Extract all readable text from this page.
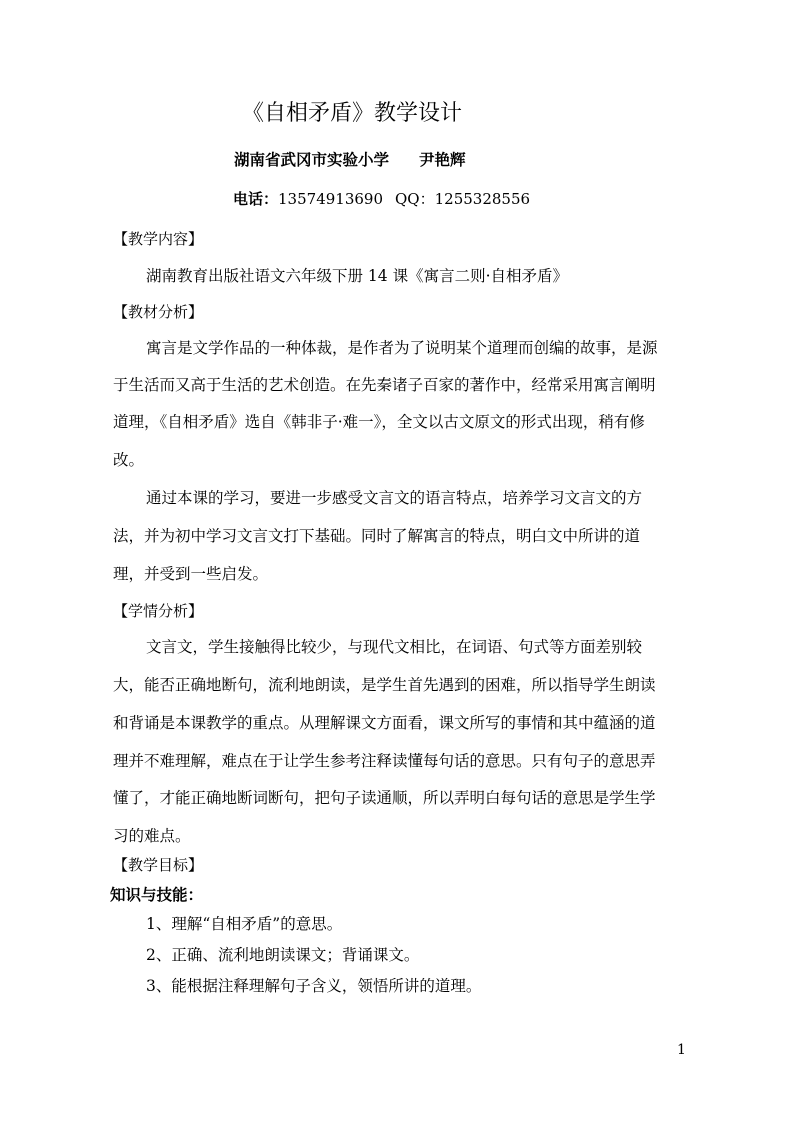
《自相矛盾》教学设计
湖南省武冈市实验小学 尹艳辉
电话：13574913690 QQ：1255328556
【教学内容】
湖南教育出版社语文六年级下册 14 课《寓言二则·自相矛盾》
【教材分析】
寓言是文学作品的一种体裁，是作者为了说明某个道理而创编的故事，是源
于生活而又高于生活的艺术创造。在先秦诸子百家的著作中，经常采用寓言阐明
道理，《自相矛盾》选自《韩非子·难一》，全文以古文原文的形式出现，稍有修
改。
通过本课的学习，要进一步感受文言文的语言特点，培养学习文言文的方
法，并为初中学习文言文打下基础。同时了解寓言的特点，明白文中所讲的道
理，并受到一些启发。
【学情分析】
文言文，学生接触得比较少，与现代文相比，在词语、句式等方面差别较
大，能否正确地断句，流利地朗读，是学生首先遇到的困难，所以指导学生朗读
和背诵是本课教学的重点。从理解课文方面看，课文所写的事情和其中蕴涵的道
理并不难理解，难点在于让学生参考注释读懂每句话的意思。只有句子的意思弄
懂了，才能正确地断词断句，把句子读通顺，所以弄明白每句话的意思是学生学
习的难点。
【教学目标】
知识与技能：
1、理解“自相矛盾”的意思。
2、正确、流利地朗读课文；背诵课文。
3、能根据注释理解句子含义，领悟所讲的道理。
1
